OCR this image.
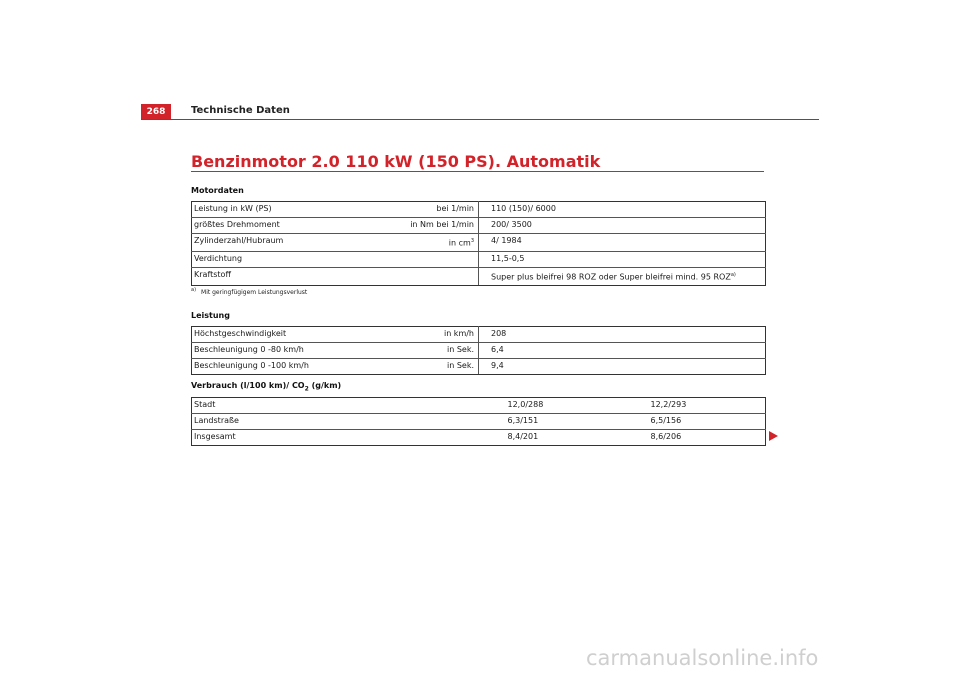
268	Technische Daten
Benzinmotor 2.0 110 kW (150 PS). Automatik
Motordaten
Leistung in kW (PS)	bei 1/min	110 (150)/ 6000
größtes Drehmoment	in Nm bei 1/min	200/ 3500
Zylinderzahl/Hubraum	in $cm^3$	4/ 1984
Verdichtung		11,5-0,5
Kraftstoff		Super plus bleifrei 98 ROZ oder Super bleifrei mind. 95 ROZ$^{a)}$
$^{a)}$ Mit geringfügigem Leistungsverlust
Leistung
Höchstgeschwindigkeit	in km/h	208
Beschleunigung 0 -80 km/h	in Sek.	6,4
Beschleunigung 0 -100 km/h	in Sek.	9,4
Verbrauch (l/100 km)/ $CO_2$ (g/km)
Stadt	12,0/288	12,2/293
Landstraße	6,3/151	6,5/156
Insgesamt	8,4/201	8,6/206
carmanualsonline.info
